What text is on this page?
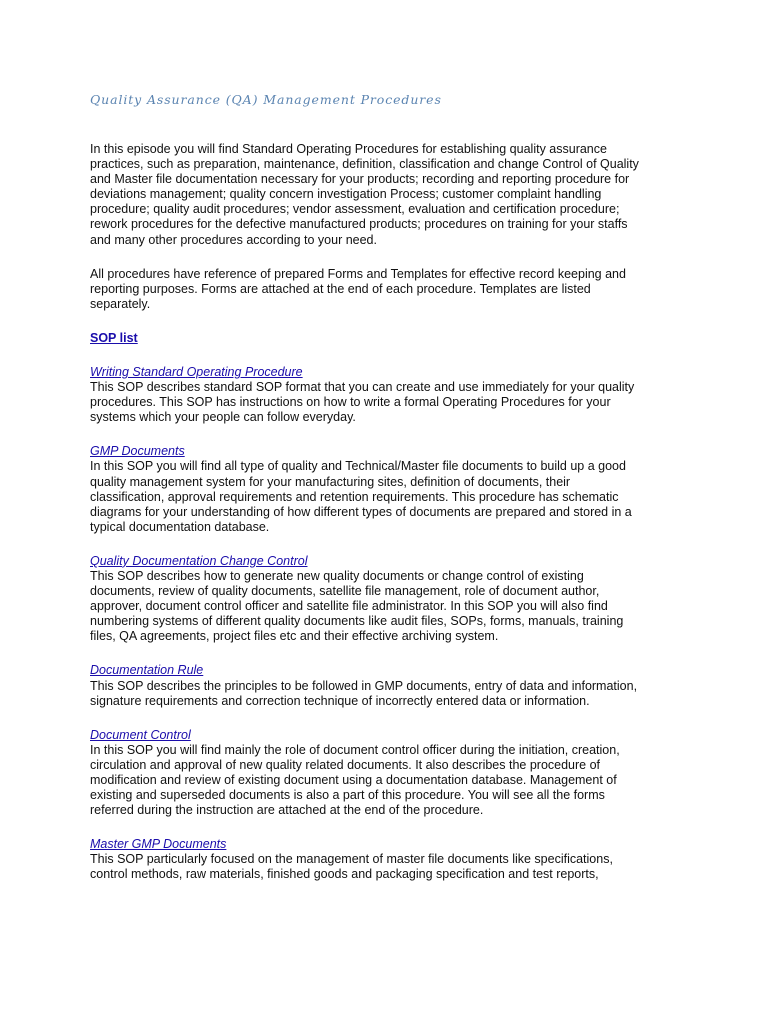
Quality Assurance (QA) Management Procedures

In this episode you will find Standard Operating Procedures for establishing quality assurance
practices, such as preparation, maintenance, definition, classification and change Control of Quality
and Master file documentation necessary for your products; recording and reporting procedure for
deviations management; quality concern investigation Process; customer complaint handling
procedure; quality audit procedures; vendor assessment, evaluation and certification procedure;
rework procedures for the defective manufactured products; procedures on training for your staffs
and many other procedures according to your need.

All procedures have reference of prepared Forms and Templates for effective record keeping and
reporting purposes. Forms are attached at the end of each procedure. Templates are listed
separately.

SOP list
Writing Standard Operating Procedure

This SOP describes standard SOP format that you can create and use immediately for your quality
procedures. This SOP has instructions on how to write a formal Operating Procedures for your
systems which your people can follow everyday.

GMP Documents

In this SOP you will find all type of quality and Technical/Master file documents to build up a good
quality management system for your manufacturing sites, definition of documents, their
classification, approval requirements and retention requirements. This procedure has schematic
diagrams for your understanding of how different types of documents are prepared and stored in a
typical documentation database.

Quality Documentation Change Control

This SOP describes how to generate new quality documents or change control of existing
documents, review of quality documents, satellite file management, role of document author,
approver, document control officer and satellite file administrator. In this SOP you will also find
numbering systems of different quality documents like audit files, SOPs, forms, manuals, training
files, QA agreements, project files etc and their effective archiving system.

Documentation Rule

This SOP describes the principles to be followed in GMP documents, entry of data and information,
signature requirements and correction technique of incorrectly entered data or information.

Document Control

In this SOP you will find mainly the role of document control officer during the initiation, creation,
circulation and approval of new quality related documents. It also describes the procedure of
modification and review of existing document using a documentation database. Management of
existing and superseded documents is also a part of this procedure. You will see all the forms
referred during the instruction are attached at the end of the procedure.

Master GMP Documents

This SOP particularly focused on the management of master file documents like specifications,
control methods, raw materials, finished goods and packaging specification and test reports,
